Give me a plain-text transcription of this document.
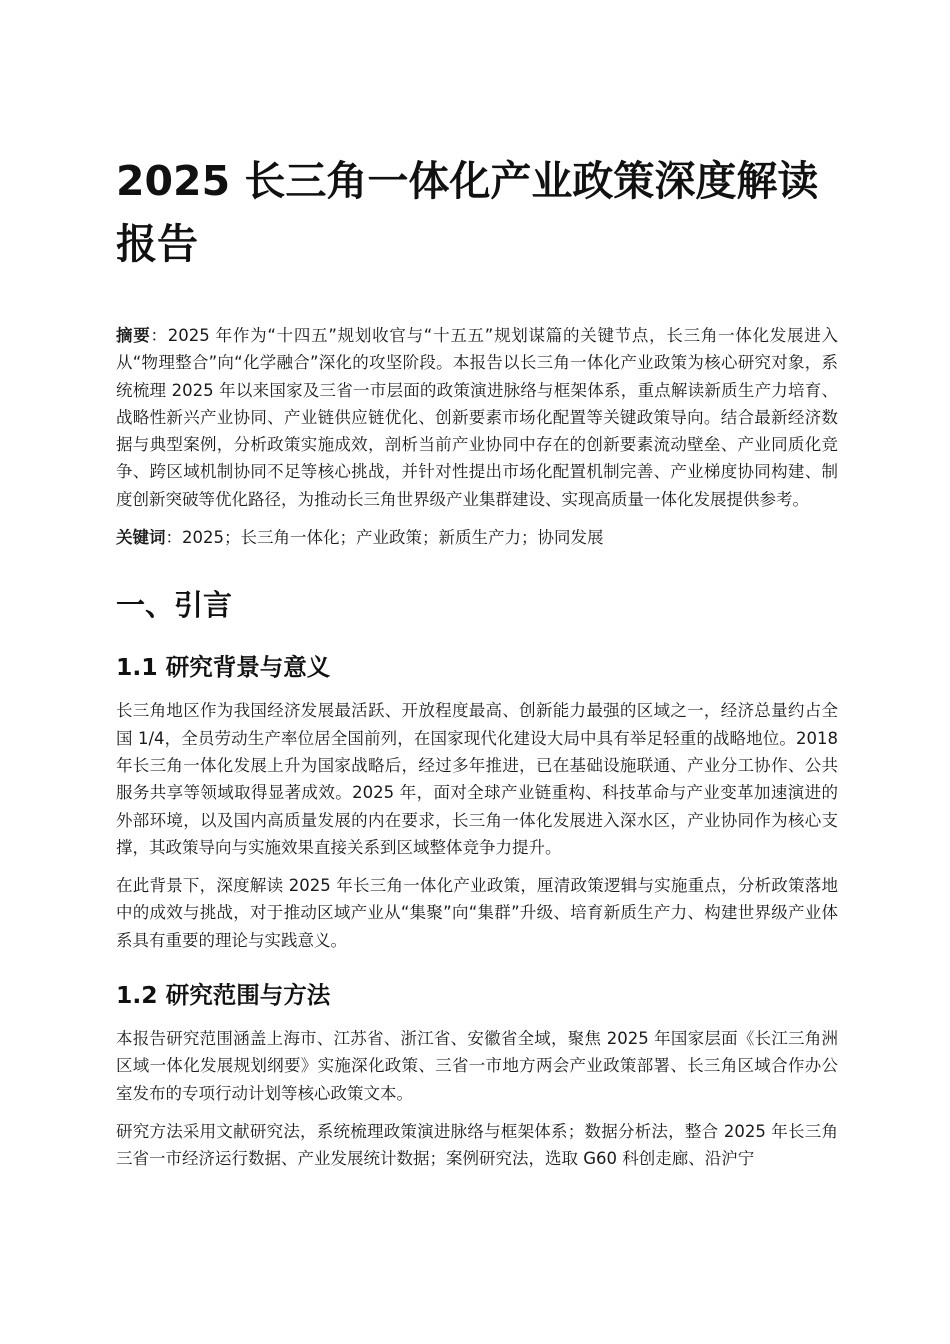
2025 长三角一体化产业政策深度解读报告

摘要：2025 年作为“十四五”规划收官与“十五五”规划谋篇的关键节点，长三角一体化发展进入从“物理整合”向“化学融合”深化的攻坚阶段。本报告以长三角一体化产业政策为核心研究对象，系统梳理 2025 年以来国家及三省一市层面的政策演进脉络与框架体系，重点解读新质生产力培育、战略性新兴产业协同、产业链供应链优化、创新要素市场化配置等关键政策导向。结合最新经济数据与典型案例，分析政策实施成效，剖析当前产业协同中存在的创新要素流动壁垒、产业同质化竞争、跨区域机制协同不足等核心挑战，并针对性提出市场化配置机制完善、产业梯度协同构建、制度创新突破等优化路径，为推动长三角世界级产业集群建设、实现高质量一体化发展提供参考。

关键词：2025；长三角一体化；产业政策；新质生产力；协同发展

一、引言
1.1 研究背景与意义

长三角地区作为我国经济发展最活跃、开放程度最高、创新能力最强的区域之一，经济总量约占全国 1/4，全员劳动生产率位居全国前列，在国家现代化建设大局中具有举足轻重的战略地位。2018 年长三角一体化发展上升为国家战略后，经过多年推进，已在基础设施联通、产业分工协作、公共服务共享等领域取得显著成效。2025 年，面对全球产业链重构、科技革命与产业变革加速演进的外部环境，以及国内高质量发展的内在要求，长三角一体化发展进入深水区，产业协同作为核心支撑，其政策导向与实施效果直接关系到区域整体竞争力提升。

在此背景下，深度解读 2025 年长三角一体化产业政策，厘清政策逻辑与实施重点，分析政策落地中的成效与挑战，对于推动区域产业从“集聚”向“集群”升级、培育新质生产力、构建世界级产业体系具有重要的理论与实践意义。

1.2 研究范围与方法

本报告研究范围涵盖上海市、江苏省、浙江省、安徽省全域，聚焦 2025 年国家层面《长江三角洲区域一体化发展规划纲要》实施深化政策、三省一市地方两会产业政策部署、长三角区域合作办公室发布的专项行动计划等核心政策文本。

研究方法采用文献研究法，系统梳理政策演进脉络与框架体系；数据分析法，整合 2025 年长三角三省一市经济运行数据、产业发展统计数据；案例研究法，选取 G60 科创走廊、沿沪宁
